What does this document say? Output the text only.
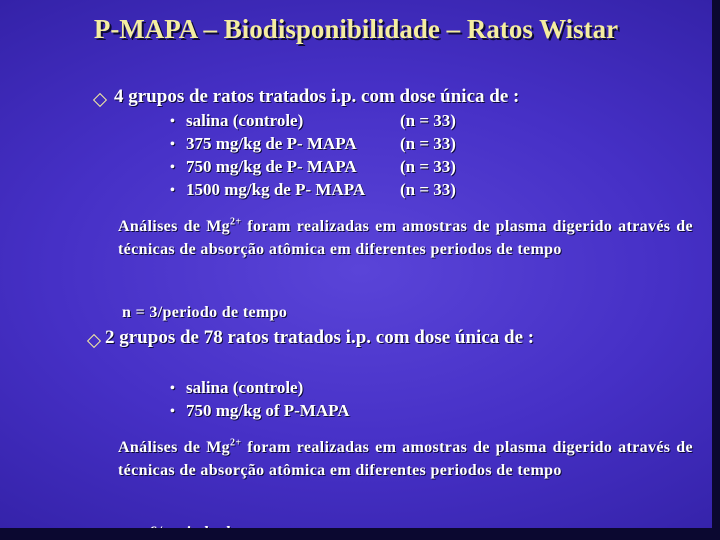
P-MAPA – Biodisponibilidade – Ratos Wistar
4 grupos de ratos tratados i.p. com dose única de :
• salina (controle)	(n = 33)
• 375 mg/kg de P- MAPA	(n = 33)
• 750 mg/kg de P- MAPA	(n = 33)
• 1500 mg/kg de P- MAPA (n = 33)
Análises de $Mg^{2+}$ foram realizadas em amostras de plasma digerido através de técnicas de absorção atômica em diferentes periodos de tempo
n = 3/periodo de tempo
2 grupos de 78 ratos tratados i.p. com dose única de :
• salina (controle)
• 750 mg/kg of P-MAPA
Análises de $Mg^{2+}$ foram realizadas em amostras de plasma digerido através de técnicas de absorção atômica em diferentes periodos de tempo
n = 6/periodo de tempo
